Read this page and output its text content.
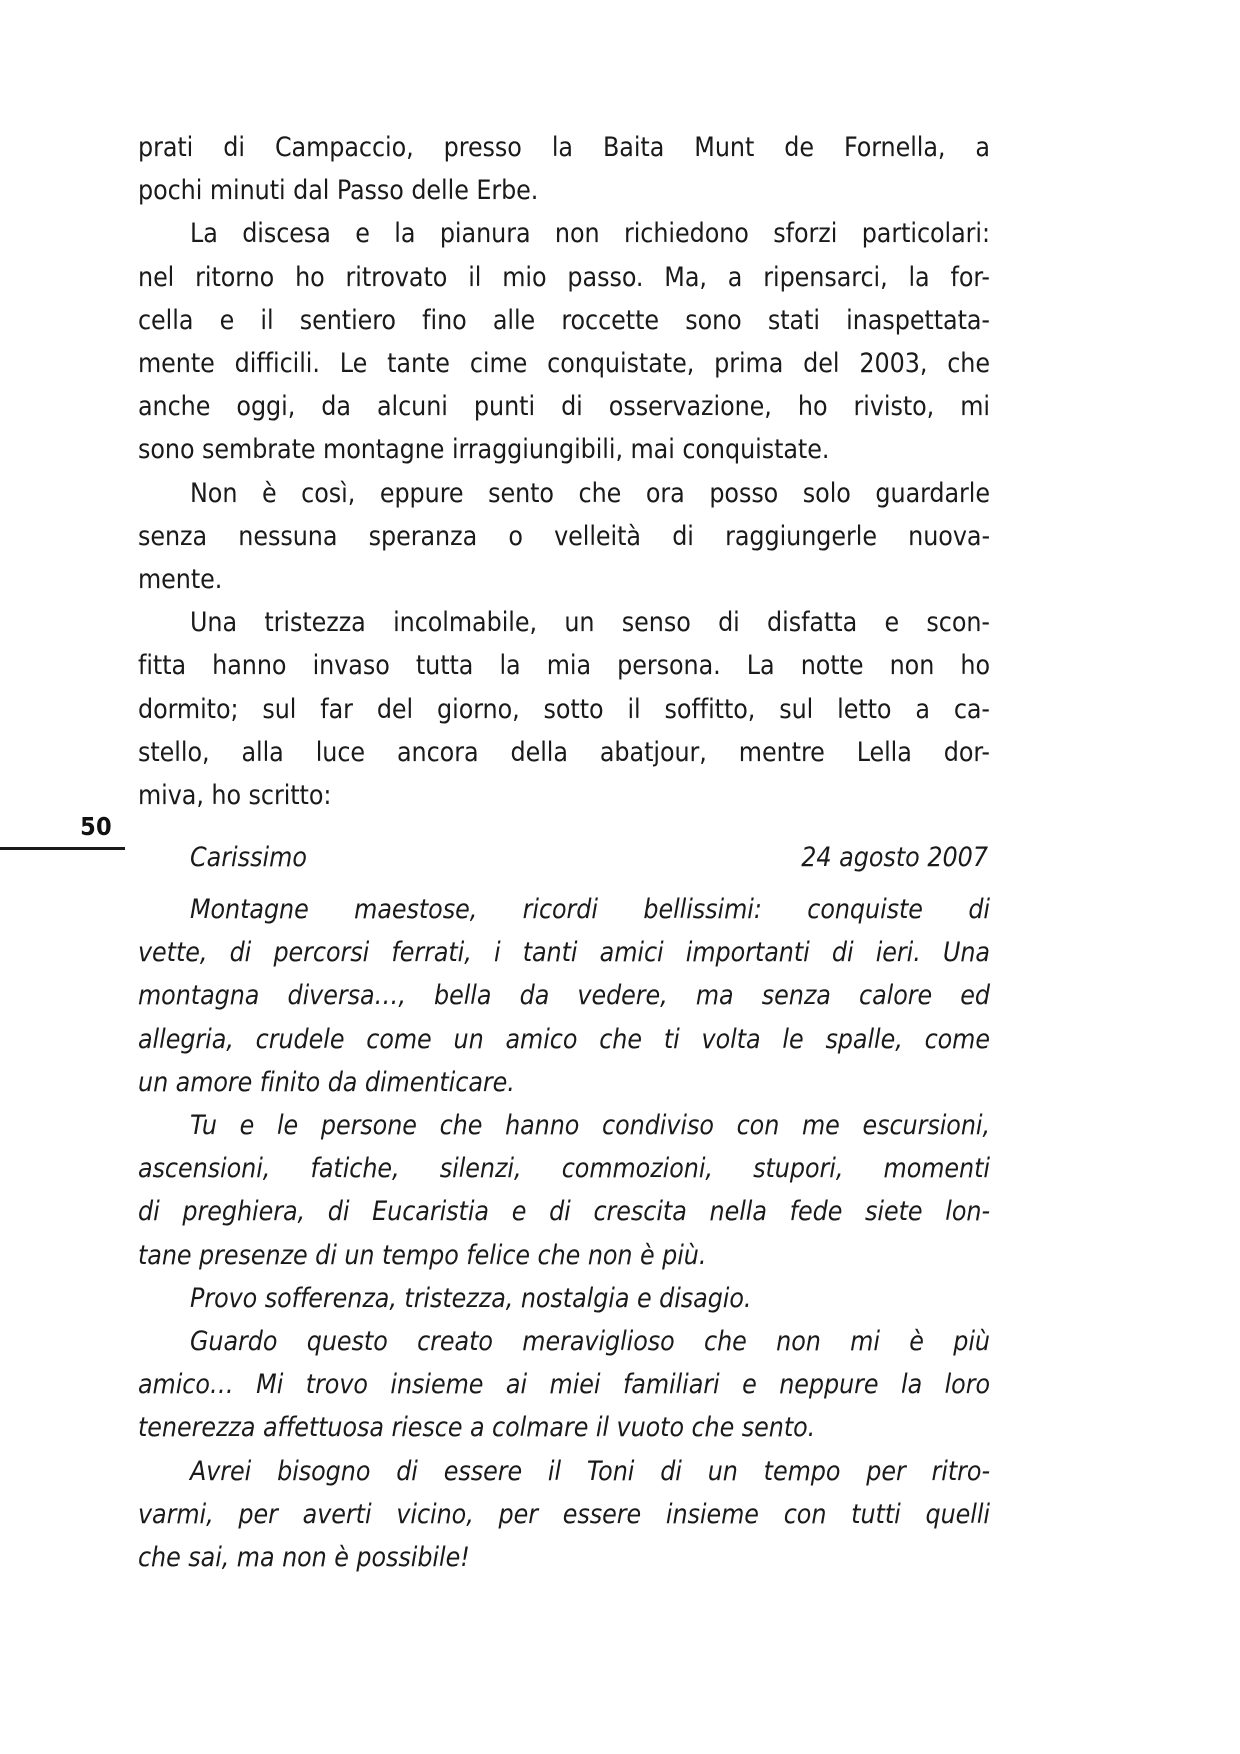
50
prati di Campaccio, presso la Baita Munt de Fornella, a
pochi minuti dal Passo delle Erbe.
La discesa e la pianura non richiedono sforzi particolari:
nel ritorno ho ritrovato il mio passo. Ma, a ripensarci, la for-
cella e il sentiero fino alle roccette sono stati inaspettata-
mente difficili. Le tante cime conquistate, prima del 2003, che
anche oggi, da alcuni punti di osservazione, ho rivisto, mi
sono sembrate montagne irraggiungibili, mai conquistate.
Non è così, eppure sento che ora posso solo guardarle
senza nessuna speranza o velleità di raggiungerle nuova-
mente.
Una tristezza incolmabile, un senso di disfatta e scon-
fitta hanno invaso tutta la mia persona. La notte non ho
dormito; sul far del giorno, sotto il soffitto, sul letto a ca-
stello, alla luce ancora della abatjour, mentre Lella dor-
miva, ho scritto:
Carissimo	24 agosto 2007
Montagne maestose, ricordi bellissimi: conquiste di
vette, di percorsi ferrati, i tanti amici importanti di ieri. Una
montagna diversa…, bella da vedere, ma senza calore ed
allegria, crudele come un amico che ti volta le spalle, come
un amore finito da dimenticare.
Tu e le persone che hanno condiviso con me escursioni,
ascensioni, fatiche, silenzi, commozioni, stupori, momenti
di preghiera, di Eucaristia e di crescita nella fede siete lon-
tane presenze di un tempo felice che non è più.
Provo sofferenza, tristezza, nostalgia e disagio.
Guardo questo creato meraviglioso che non mi è più
amico… Mi trovo insieme ai miei familiari e neppure la loro
tenerezza affettuosa riesce a colmare il vuoto che sento.
Avrei bisogno di essere il Toni di un tempo per ritro-
varmi, per averti vicino, per essere insieme con tutti quelli
che sai, ma non è possibile!
